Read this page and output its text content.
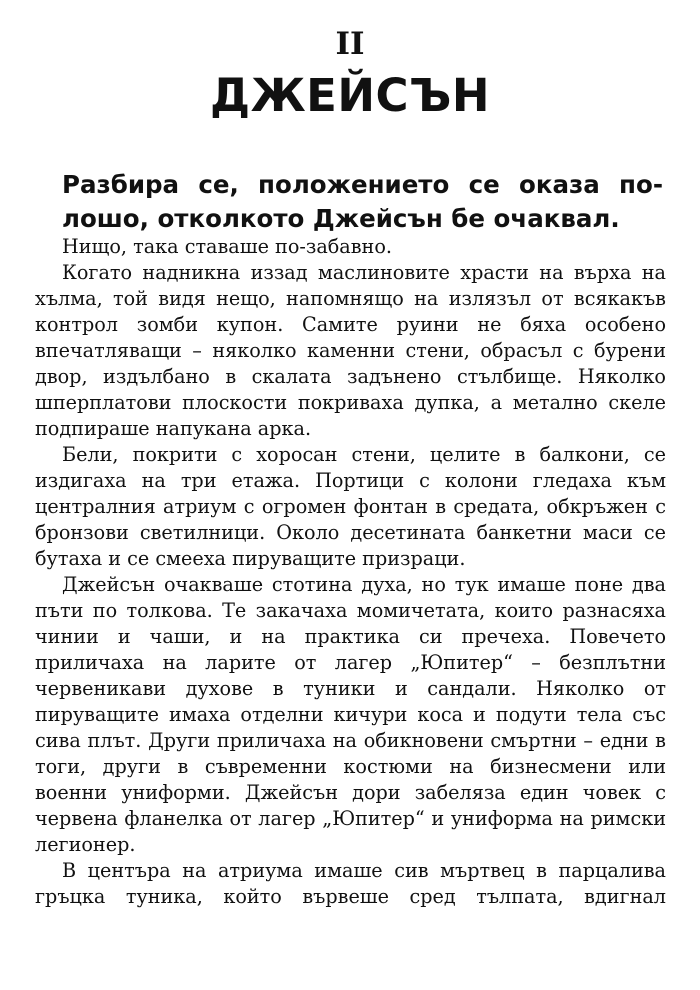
II
ДЖЕЙСЪН

Разбира се, положението се оказа по-лошо, отколкото Джейсън бе очаквал.

Нищо, така ставаше по-забавно.

Когато надникна иззад маслиновите храсти на върха на хълма, той видя нещо, напомнящо на излязъл от всякакъв контрол зомби купон. Самите руини не бяха особено впечатляващи – няколко каменни стени, обрасъл с бурени двор, издълбано в скалата задънено стълбище. Няколко шперплатови плоскости покриваха дупка, а метално скеле подпираше напукана арка.

Бели, покрити с хоросан стени, целите в балкони, се издигаха на три етажа. Портици с колони гледаха към централния атриум с огромен фонтан в средата, обкръжен с бронзови светилници. Около десетината банкетни маси се бутаха и се смееха пируващите призраци.

Джейсън очакваше стотина духа, но тук имаше поне два пъти по толкова. Те закачаха момичетата, които разнасяха чинии и чаши, и на практика си пречеха. Повечето приличаха на ларите от лагер „Юпитер“ – безплътни червеникави духове в туники и сандали. Няколко от пируващите имаха отделни кичури коса и подути тела със сива плът. Други приличаха на обикновени смъртни – едни в тоги, други в съвременни костюми на бизнесмени или военни униформи. Джейсън дори забеляза един човек с червена фланелка от лагер „Юпитер“ и униформа на римски легионер.

В центъра на атриума имаше сив мъртвец в парцалива гръцка туника, който вървеше сред тълпата, вдигнал
